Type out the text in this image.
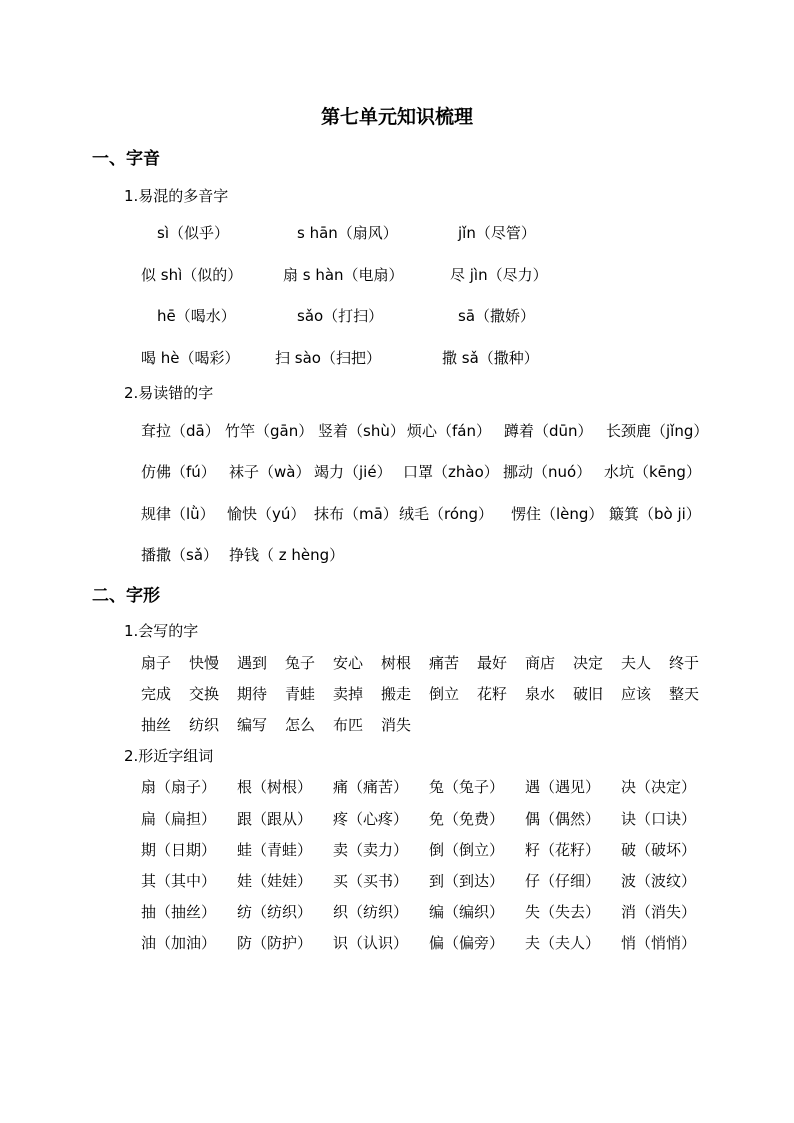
第七单元知识梳理
一、字音
1.易混的多音字
sì（似乎）	s hān（扇风）	jǐn（尽管）
似 shì（似的）	扇 s hàn（电扇）	尽 jìn（尽力）
hē（喝水）	sǎo（打扫）	sā（撒娇）
喝 hè（喝彩） 扫 sào（扫把）	撒 sǎ（撒种）
2.易读错的字
耷拉（dā） 竹竿（gān） 竖着（shù） 烦心（fán） 蹲着（dūn） 长颈鹿（jǐng）
仿佛（fú） 袜子（wà） 竭力（jié） 口罩（zhào） 挪动（nuó） 水坑（kēng）
规律（lǜ） 愉快（yú） 抹布（mā） 绒毛（róng） 愣住（lèng） 簸箕（bò ji）
播撒（sǎ） 挣钱（ z hèng）
二、字形
1.会写的字
扇子 快慢 遇到 兔子 安心 树根 痛苦 最好 商店 决定 夫人 终于
完成 交换 期待 青蛙 卖掉 搬走 倒立 花籽 泉水 破旧 应该 整天
抽丝 纺织 编写 怎么 布匹 消失
2.形近字组词
扇（扇子） 根（树根） 痛（痛苦） 兔（兔子） 遇（遇见） 决（决定）
扁（扁担） 跟（跟从） 疼（心疼） 免（免费） 偶（偶然） 诀（口诀）
期（日期） 蛙（青蛙） 卖（卖力） 倒（倒立） 籽（花籽） 破（破坏）
其（其中） 娃（娃娃） 买（买书） 到（到达） 仔（仔细） 波（波纹）
抽（抽丝） 纺（纺织） 织（纺织） 编（编织） 失（失去） 消（消失）
油（加油） 防（防护） 识（认识） 偏（偏旁） 夫（夫人） 悄（悄悄）
